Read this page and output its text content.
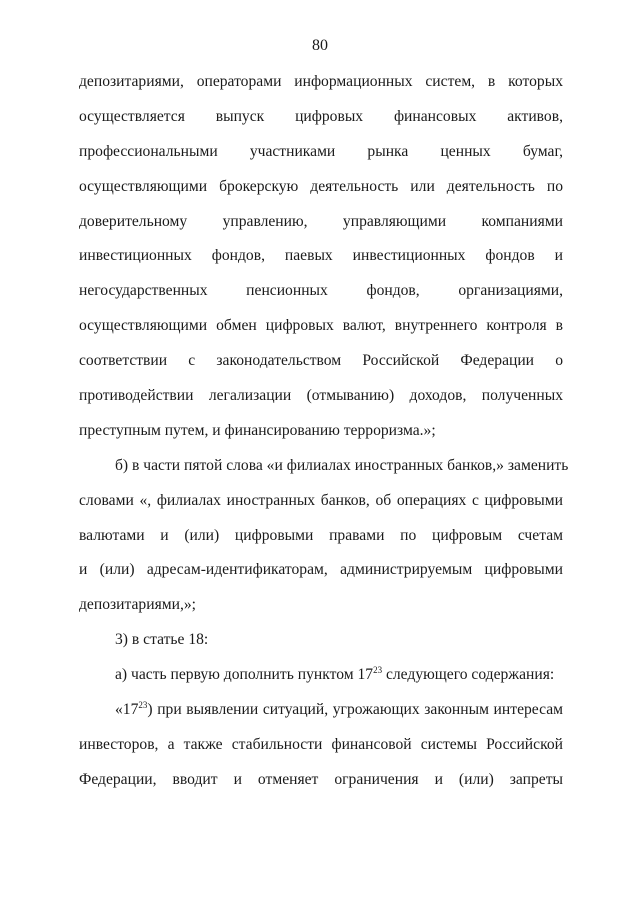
80
депозитариями, операторами информационных систем, в которых
осуществляется выпуск цифровых финансовых активов,
профессиональными участниками рынка ценных бумаг,
осуществляющими брокерскую деятельность или деятельность по
доверительному управлению, управляющими компаниями
инвестиционных фондов, паевых инвестиционных фондов и
негосударственных пенсионных фондов, организациями,
осуществляющими обмен цифровых валют, внутреннего контроля в
соответствии с законодательством Российской Федерации о
противодействии легализации (отмыванию) доходов, полученных
преступным путем, и финансированию терроризма.»;
б) в части пятой слова «и филиалах иностранных банков,» заменить
словами «, филиалах иностранных банков, об операциях с цифровыми
валютами и (или) цифровыми правами по цифровым счетам
и (или) адресам-идентификаторам, администрируемым цифровыми
депозитариями,»;
3) в статье 18:
а) часть первую дополнить пунктом $17^{23}$ следующего содержания:
«$17^{23}$) при выявлении ситуаций, угрожающих законным интересам
инвесторов, а также стабильности финансовой системы Российской
Федерации, вводит и отменяет ограничения и (или) запреты
